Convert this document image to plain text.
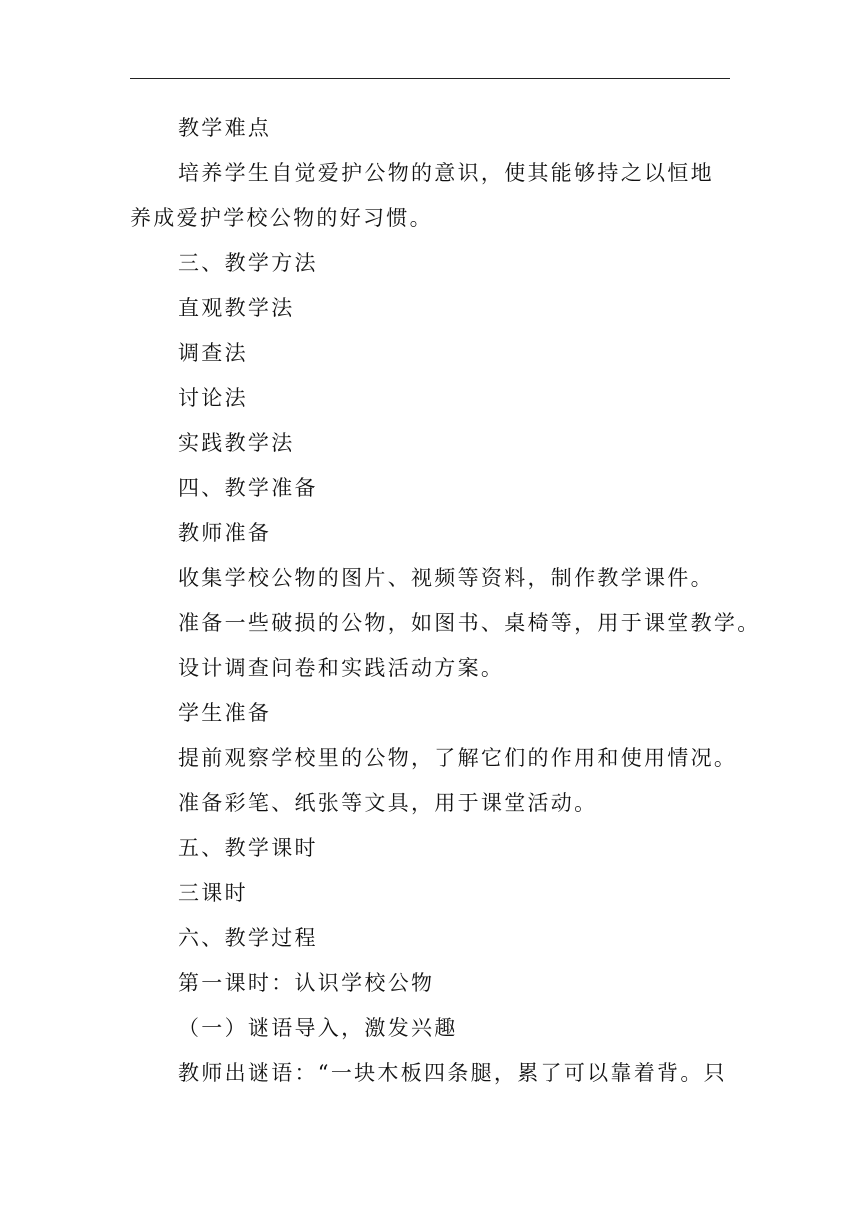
教学难点
培养学生自觉爱护公物的意识，使其能够持之以恒地养成爱护学校公物的好习惯。
三、教学方法
直观教学法
调查法
讨论法
实践教学法
四、教学准备
教师准备
收集学校公物的图片、视频等资料，制作教学课件。
准备一些破损的公物，如图书、桌椅等，用于课堂教学。
设计调查问卷和实践活动方案。
学生准备
提前观察学校里的公物，了解它们的作用和使用情况。
准备彩笔、纸张等文具，用于课堂活动。
五、教学课时
三课时
六、教学过程
第一课时：认识学校公物
（一）谜语导入，激发兴趣
教师出谜语：“一块木板四条腿，累了可以靠着背。只
